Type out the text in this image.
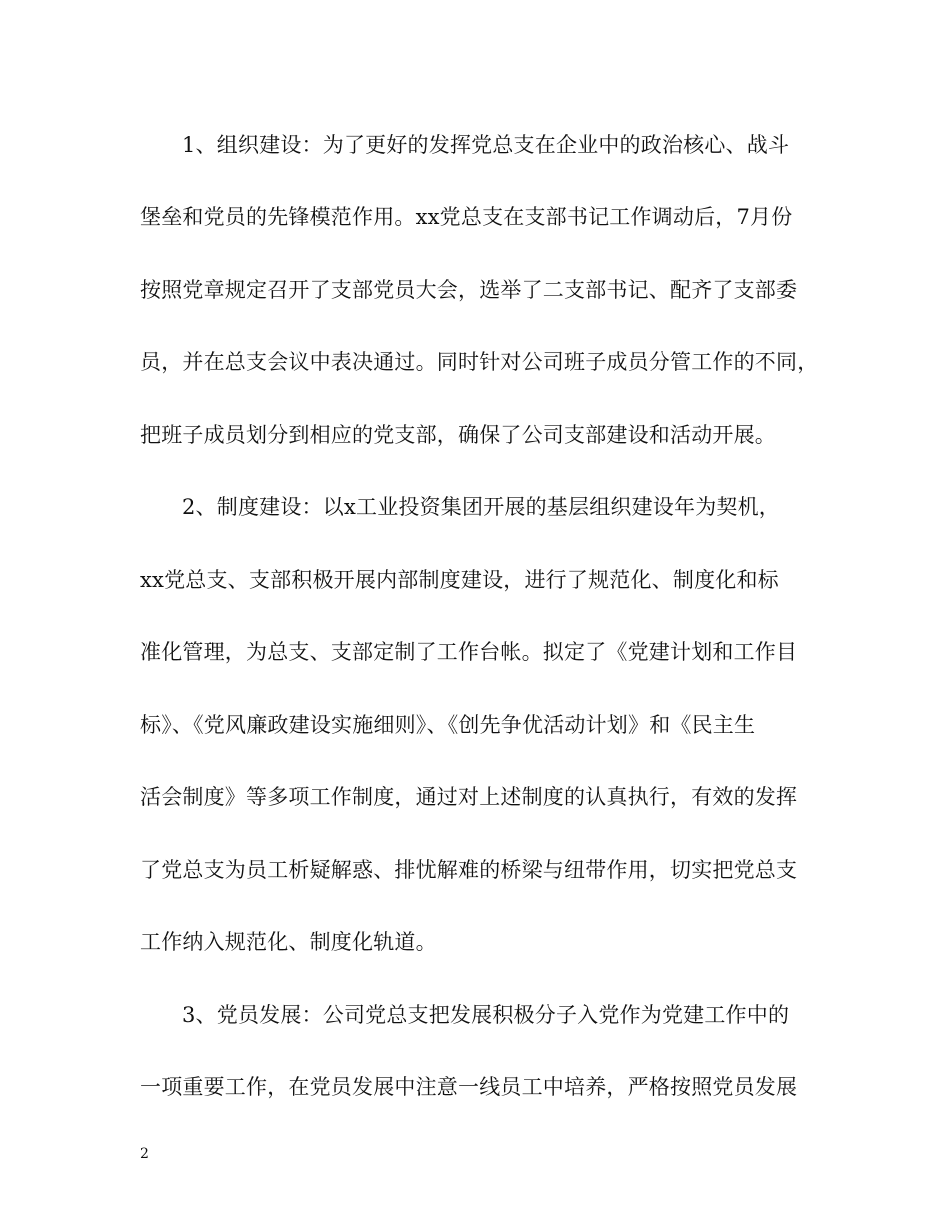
1、组织建设：为了更好的发挥党总支在企业中的政治核心、战斗
堡垒和党员的先锋模范作用。xx党总支在支部书记工作调动后，7月份
按照党章规定召开了支部党员大会，选举了二支部书记、配齐了支部委
员，并在总支会议中表决通过。同时针对公司班子成员分管工作的不同，
把班子成员划分到相应的党支部，确保了公司支部建设和活动开展。
2、制度建设：以x工业投资集团开展的基层组织建设年为契机，
xx党总支、支部积极开展内部制度建设，进行了规范化、制度化和标
准化管理，为总支、支部定制了工作台帐。拟定了《党建计划和工作目
标》、《党风廉政建设实施细则》、《创先争优活动计划》和《民主生
活会制度》等多项工作制度，通过对上述制度的认真执行，有效的发挥
了党总支为员工析疑解惑、排忧解难的桥梁与纽带作用，切实把党总支
工作纳入规范化、制度化轨道。
3、党员发展：公司党总支把发展积极分子入党作为党建工作中的
一项重要工作，在党员发展中注意一线员工中培养，严格按照党员发展
2
